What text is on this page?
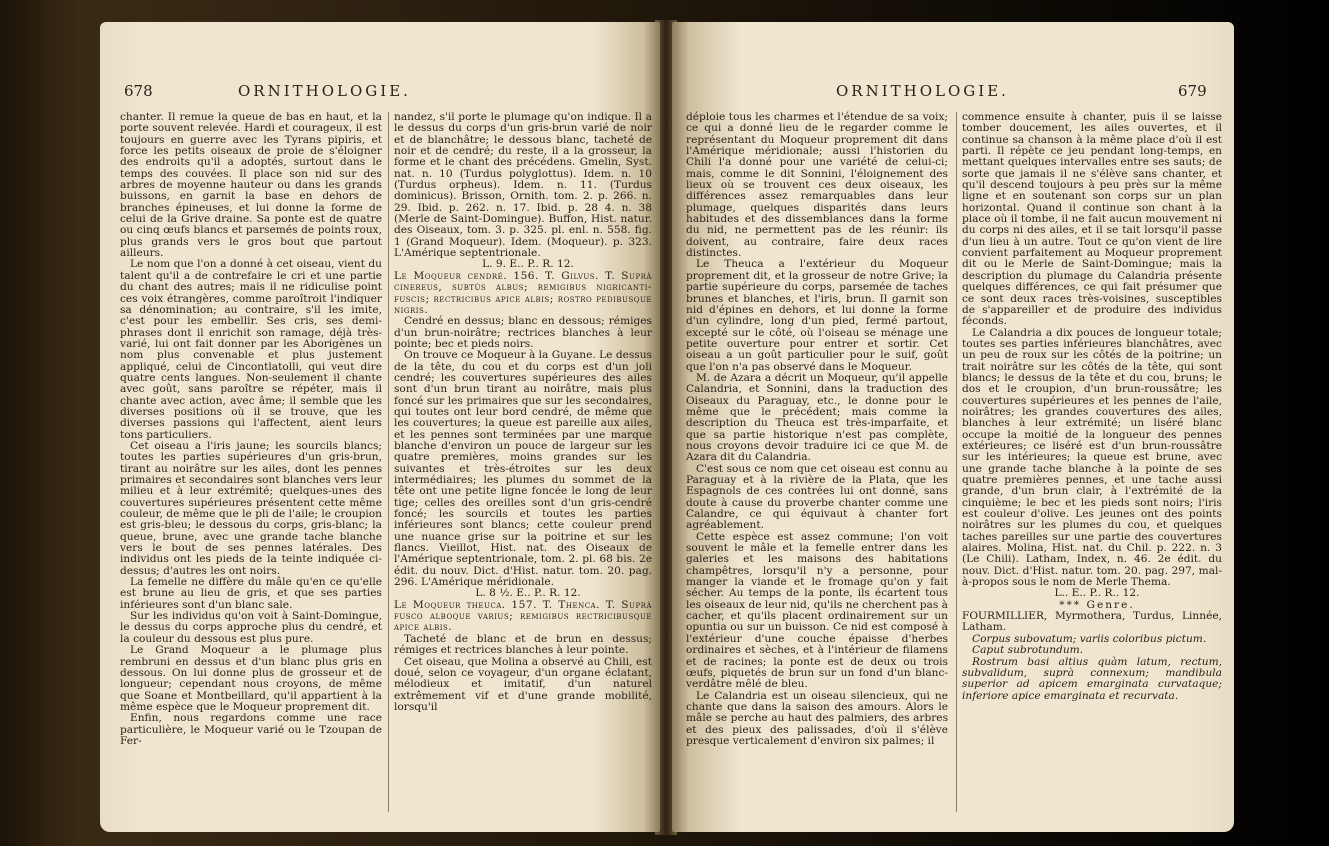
678	ORNITHOLOGIE.

chanter. Il remue la queue de bas en haut, et la porte souvent relevée. Hardi et courageux, il est toujours en guerre avec les Tyrans pipiris, et force les petits oiseaux de proie de s'éloigner des endroits qu'il a adoptés, surtout dans le temps des couvées. Il place son nid sur des arbres de moyenne hauteur ou dans les grands buissons, en garnit la base en dehors de branches épineuses, et lui donne la forme de celui de la Grive draine. Sa ponte est de quatre ou cinq œufs blancs et parsemés de points roux, plus grands vers le gros bout que partout ailleurs.

Le nom que l'on a donné à cet oiseau, vient du talent qu'il a de contrefaire le cri et une partie du chant des autres; mais il ne ridiculise point ces voix étrangères, comme paroîtroit l'indiquer sa dénomination; au contraire, s'il les imite, c'est pour les embellir. Ses cris, ses demi-phrases dont il enrichit son ramage, déjà très-varié, lui ont fait donner par les Aborigènes un nom plus convenable et plus justement appliqué, celui de Cincontlatolli, qui veut dire quatre cents langues. Non-seulement il chante avec goût, sans paroître se répéter, mais il chante avec action, avec âme; il semble que les diverses positions où il se trouve, que les diverses passions qui l'affectent, aient leurs tons particuliers.

Cet oiseau a l'iris jaune; les sourcils blancs; toutes les parties supérieures d'un gris-brun, tirant au noirâtre sur les ailes, dont les pennes primaires et secondaires sont blanches vers leur milieu et à leur extrémité; quelques-unes des couvertures supérieures présentent cette même couleur, de même que le pli de l'aile; le croupion est gris-bleu; le dessous du corps, gris-blanc; la queue, brune, avec une grande tache blanche vers le bout de ses pennes latérales. Des individus ont les pieds de la teinte indiquée ci-dessus; d'autres les ont noirs.

La femelle ne diffère du mâle qu'en ce qu'elle est brune au lieu de gris, et que ses parties inférieures sont d'un blanc sale.

Sur les individus qu'on voit à Saint-Domingue, le dessus du corps approche plus du cendré, et la couleur du dessous est plus pure.

Le Grand Moqueur a le plumage plus rembruni en dessus et d'un blanc plus gris en dessous. On lui donne plus de grosseur et de longueur; cependant nous croyons, de même que Soane et Montbeillard, qu'il appartient à la même espèce que le Moqueur proprement dit.

Enfin, nous regardons comme une race particulière, le Moqueur varié ou le Tzoupan de Fer-

nandez, s'il porte le plumage qu'on indique. Il a le dessus du corps d'un gris-brun varié de noir et de blanchâtre; le dessous blanc, tacheté de noir et de cendré; du reste, il a la grosseur, la forme et le chant des précédens. Gmelin, Syst. nat. n. 10 (Turdus polyglottus). Idem. n. 10 (Turdus orpheus). Idem. n. 11. (Turdus dominicus). Brisson, Ornith. tom. 2. p. 266. n. 29. Ibid. p. 262. n. 17. Ibid. p. 28 4. n. 38 (Merle de Saint-Domingue). Buffon, Hist. natur. des Oiseaux, tom. 3. p. 325. pl. enl. n. 558. fig. 1 (Grand Moqueur). Idem. (Moqueur). p. 323. L'Amérique septentrionale.

L. 9. E.. P.. R. 12.

Le Moqueur cendré. 156. T. Gilvus. T. Suprà cinereus, subtùs albus; remigibus nigricanti-fuscis; rectricibus apice albis; rostro pedibusque nigris.

Cendré en dessus; blanc en dessous; rémiges d'un brun-noirâtre; rectrices blanches à leur pointe; bec et pieds noirs.

On trouve ce Moqueur à la Guyane. Le dessus de la tête, du cou et du corps est d'un joli cendré; les couvertures supérieures des ailes sont d'un brun tirant au noirâtre, mais plus foncé sur les primaires que sur les secondaires, qui toutes ont leur bord cendré, de même que les couvertures; la queue est pareille aux ailes, et les pennes sont terminées par une marque blanche d'environ un pouce de largeur sur les quatre premières, moins grandes sur les suivantes et très-étroites sur les deux intermédiaires; les plumes du sommet de la tête ont une petite ligne foncée le long de leur tige; celles des oreilles sont d'un gris-cendré foncé; les sourcils et toutes les parties inférieures sont blancs; cette couleur prend une nuance grise sur la poitrine et sur les flancs. Vieillot, Hist. nat. des Oiseaux de l'Amérique septentrionale, tom. 2. pl. 68 bis. 2e édit. du nouv. Dict. d'Hist. natur. tom. 20. pag. 296. L'Amérique méridionale.

L. 8 ½. E.. P.. R. 12.

Le Moqueur theuca. 157. T. Thenca. T. Suprà fusco alboque varius; remigibus rectricibusque apice albis.

Tacheté de blanc et de brun en dessus; rémiges et rectrices blanches à leur pointe.

Cet oiseau, que Molina a observé au Chili, est doué, selon ce voyageur, d'un organe éclatant, mélodieux et imitatif, d'un naturel extrêmement vif et d'une grande mobilité, lorsqu'il

ORNITHOLOGIE.	679

déploie tous les charmes et l'étendue de sa voix; ce qui a donné lieu de le regarder comme le représentant du Moqueur proprement dit dans l'Amérique méridionale; aussi l'historien du Chili l'a donné pour une variété de celui-ci; mais, comme le dit Sonnini, l'éloignement des lieux où se trouvent ces deux oiseaux, les différences assez remarquables dans leur plumage, quelques disparités dans leurs habitudes et des dissemblances dans la forme du nid, ne permettent pas de les réunir: ils doivent, au contraire, faire deux races distinctes.

Le Theuca a l'extérieur du Moqueur proprement dit, et la grosseur de notre Grive; la partie supérieure du corps, parsemée de taches brunes et blanches, et l'iris, brun. Il garnit son nid d'épines en dehors, et lui donne la forme d'un cylindre, long d'un pied, fermé partout, excepté sur le côté, où l'oiseau se ménage une petite ouverture pour entrer et sortir. Cet oiseau a un goût particulier pour le suif, goût que l'on n'a pas observé dans le Moqueur.

M. de Azara a décrit un Moqueur, qu'il appelle Calandria, et Sonnini, dans la traduction des Oiseaux du Paraguay, etc., le donne pour le même que le précédent; mais comme la description du Theuca est très-imparfaite, et que sa partie historique n'est pas complète, nous croyons devoir traduire ici ce que M. de Azara dit du Calandria.

C'est sous ce nom que cet oiseau est connu au Paraguay et à la rivière de la Plata, que les Espagnols de ces contrées lui ont donné, sans doute à cause du proverbe chanter comme une Calandre, ce qui équivaut à chanter fort agréablement.

Cette espèce est assez commune; l'on voit souvent le mâle et la femelle entrer dans les galeries et les maisons des habitations champêtres, lorsqu'il n'y a personne, pour manger la viande et le fromage qu'on y fait sécher. Au temps de la ponte, ils écartent tous les oiseaux de leur nid, qu'ils ne cherchent pas à cacher, et qu'ils placent ordinairement sur un opuntia ou sur un buisson. Ce nid est composé à l'extérieur d'une couche épaisse d'herbes ordinaires et sèches, et à l'intérieur de filamens et de racines; la ponte est de deux ou trois œufs, piquetés de brun sur un fond d'un blanc-verdâtre mêlé de bleu.

Le Calandria est un oiseau silencieux, qui ne chante que dans la saison des amours. Alors le mâle se perche au haut des palmiers, des arbres et des pieux des palissades, d'où il s'élève presque verticalement d'environ six palmes; il

commence ensuite à chanter, puis il se laisse tomber doucement, les ailes ouvertes, et il continue sa chanson à la même place d'où il est parti. Il répète ce jeu pendant long-temps, en mettant quelques intervalles entre ses sauts; de sorte que jamais il ne s'élève sans chanter, et qu'il descend toujours à peu près sur la même ligne et en soutenant son corps sur un plan horizontal. Quand il continue son chant à la place où il tombe, il ne fait aucun mouvement ni du corps ni des ailes, et il se tait lorsqu'il passe d'un lieu à un autre. Tout ce qu'on vient de lire convient parfaitement au Moqueur proprement dit ou le Merle de Saint-Domingue; mais la description du plumage du Calandria présente quelques différences, ce qui fait présumer que ce sont deux races très-voisines, susceptibles de s'appareiller et de produire des individus féconds.

Le Calandria a dix pouces de longueur totale; toutes ses parties inférieures blanchâtres, avec un peu de roux sur les côtés de la poitrine; un trait noirâtre sur les côtés de la tête, qui sont blancs; le dessus de la tête et du cou, bruns; le dos et le croupion, d'un brun-roussâtre; les couvertures supérieures et les pennes de l'aile, noirâtres; les grandes couvertures des ailes, blanches à leur extrémité; un liséré blanc occupe la moitié de la longueur des pennes extérieures; ce liséré est d'un brun-roussâtre sur les intérieures; la queue est brune, avec une grande tache blanche à la pointe de ses quatre premières pennes, et une tache aussi grande, d'un brun clair, à l'extrémité de la cinquième; le bec et les pieds sont noirs; l'iris est couleur d'olive. Les jeunes ont des points noirâtres sur les plumes du cou, et quelques taches pareilles sur une partie des couvertures alaires. Molina, Hist. nat. du Chil. p. 222. n. 3 (Le Chili). Latham, Index, n. 46. 2e édit. du nouv. Dict. d'Hist. natur. tom. 20. pag. 297, mal-à-propos sous le nom de Merle Thema.

L.. E.. P.. R.. 12.

*** Genre.

FOURMILLIER, Myrmothera, Turdus, Linnée, Latham.

Corpus subovatum; variis coloribus pictum.

Caput subrotundum.

Rostrum basi altius quàm latum, rectum, subvalidum, suprà connexum; mandibula superior ad apicem emarginata curvataque; inferiore apice emarginata et recurvata.
